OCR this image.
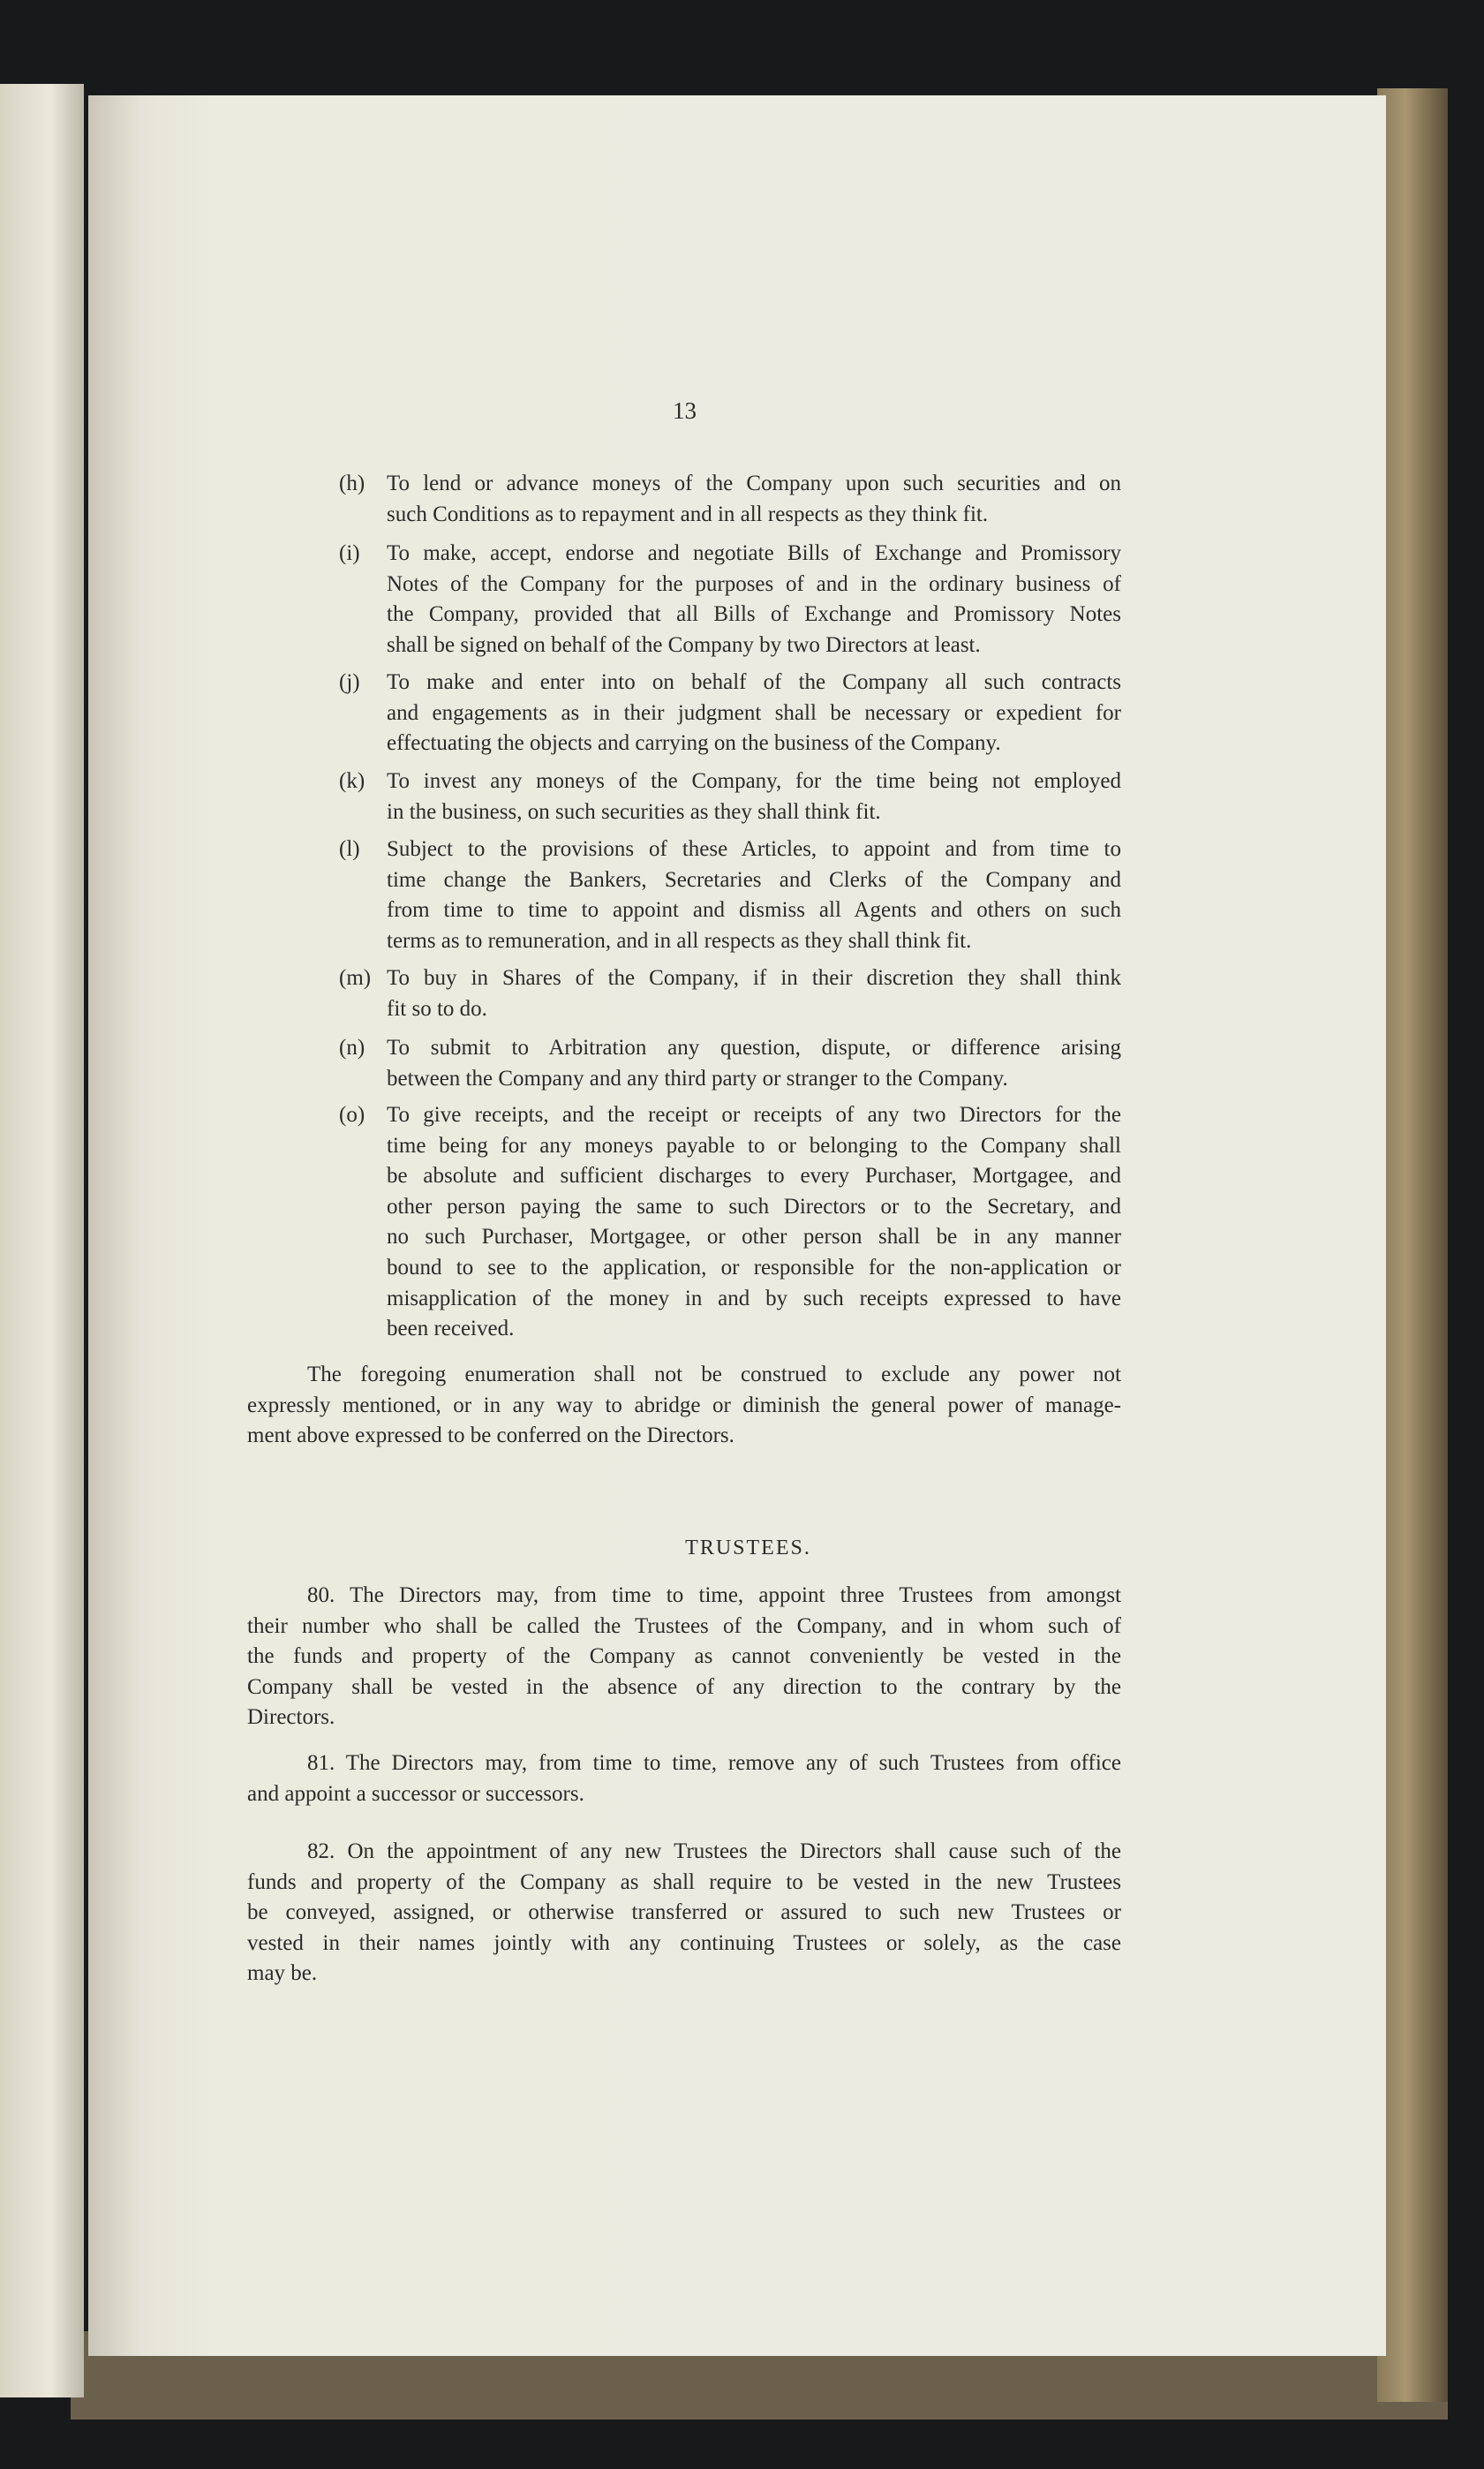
13
(h) To lend or advance moneys of the Company upon such securities and on
such Conditions as to repayment and in all respects as they think fit.
(i) To make, accept, endorse and negotiate Bills of Exchange and Promissory
Notes of the Company for the purposes of and in the ordinary business of
the Company, provided that all Bills of Exchange and Promissory Notes
shall be signed on behalf of the Company by two Directors at least.
(j) To make and enter into on behalf of the Company all such contracts
and engagements as in their judgment shall be necessary or expedient for
effectuating the objects and carrying on the business of the Company.
(k) To invest any moneys of the Company, for the time being not employed
in the business, on such securities as they shall think fit.
(l) Subject to the provisions of these Articles, to appoint and from time to
time change the Bankers, Secretaries and Clerks of the Company and
from time to time to appoint and dismiss all Agents and others on such
terms as to remuneration, and in all respects as they shall think fit.
(m) To buy in Shares of the Company, if in their discretion they shall think
fit so to do.
(n) To submit to Arbitration any question, dispute, or difference arising
between the Company and any third party or stranger to the Company.
(o) To give receipts, and the receipt or receipts of any two Directors for the
time being for any moneys payable to or belonging to the Company shall
be absolute and sufficient discharges to every Purchaser, Mortgagee, and
other person paying the same to such Directors or to the Secretary, and
no such Purchaser, Mortgagee, or other person shall be in any manner
bound to see to the application, or responsible for the non-application or
misapplication of the money in and by such receipts expressed to have
been received.
The foregoing enumeration shall not be construed to exclude any power not
expressly mentioned, or in any way to abridge or diminish the general power of manage-
ment above expressed to be conferred on the Directors.
TRUSTEES.
80. The Directors may, from time to time, appoint three Trustees from amongst
their number who shall be called the Trustees of the Company, and in whom such of
the funds and property of the Company as cannot conveniently be vested in the
Company shall be vested in the absence of any direction to the contrary by the
Directors.
81. The Directors may, from time to time, remove any of such Trustees from office
and appoint a successor or successors.
82. On the appointment of any new Trustees the Directors shall cause such of the
funds and property of the Company as shall require to be vested in the new Trustees
be conveyed, assigned, or otherwise transferred or assured to such new Trustees or
vested in their names jointly with any continuing Trustees or solely, as the case
may be.
